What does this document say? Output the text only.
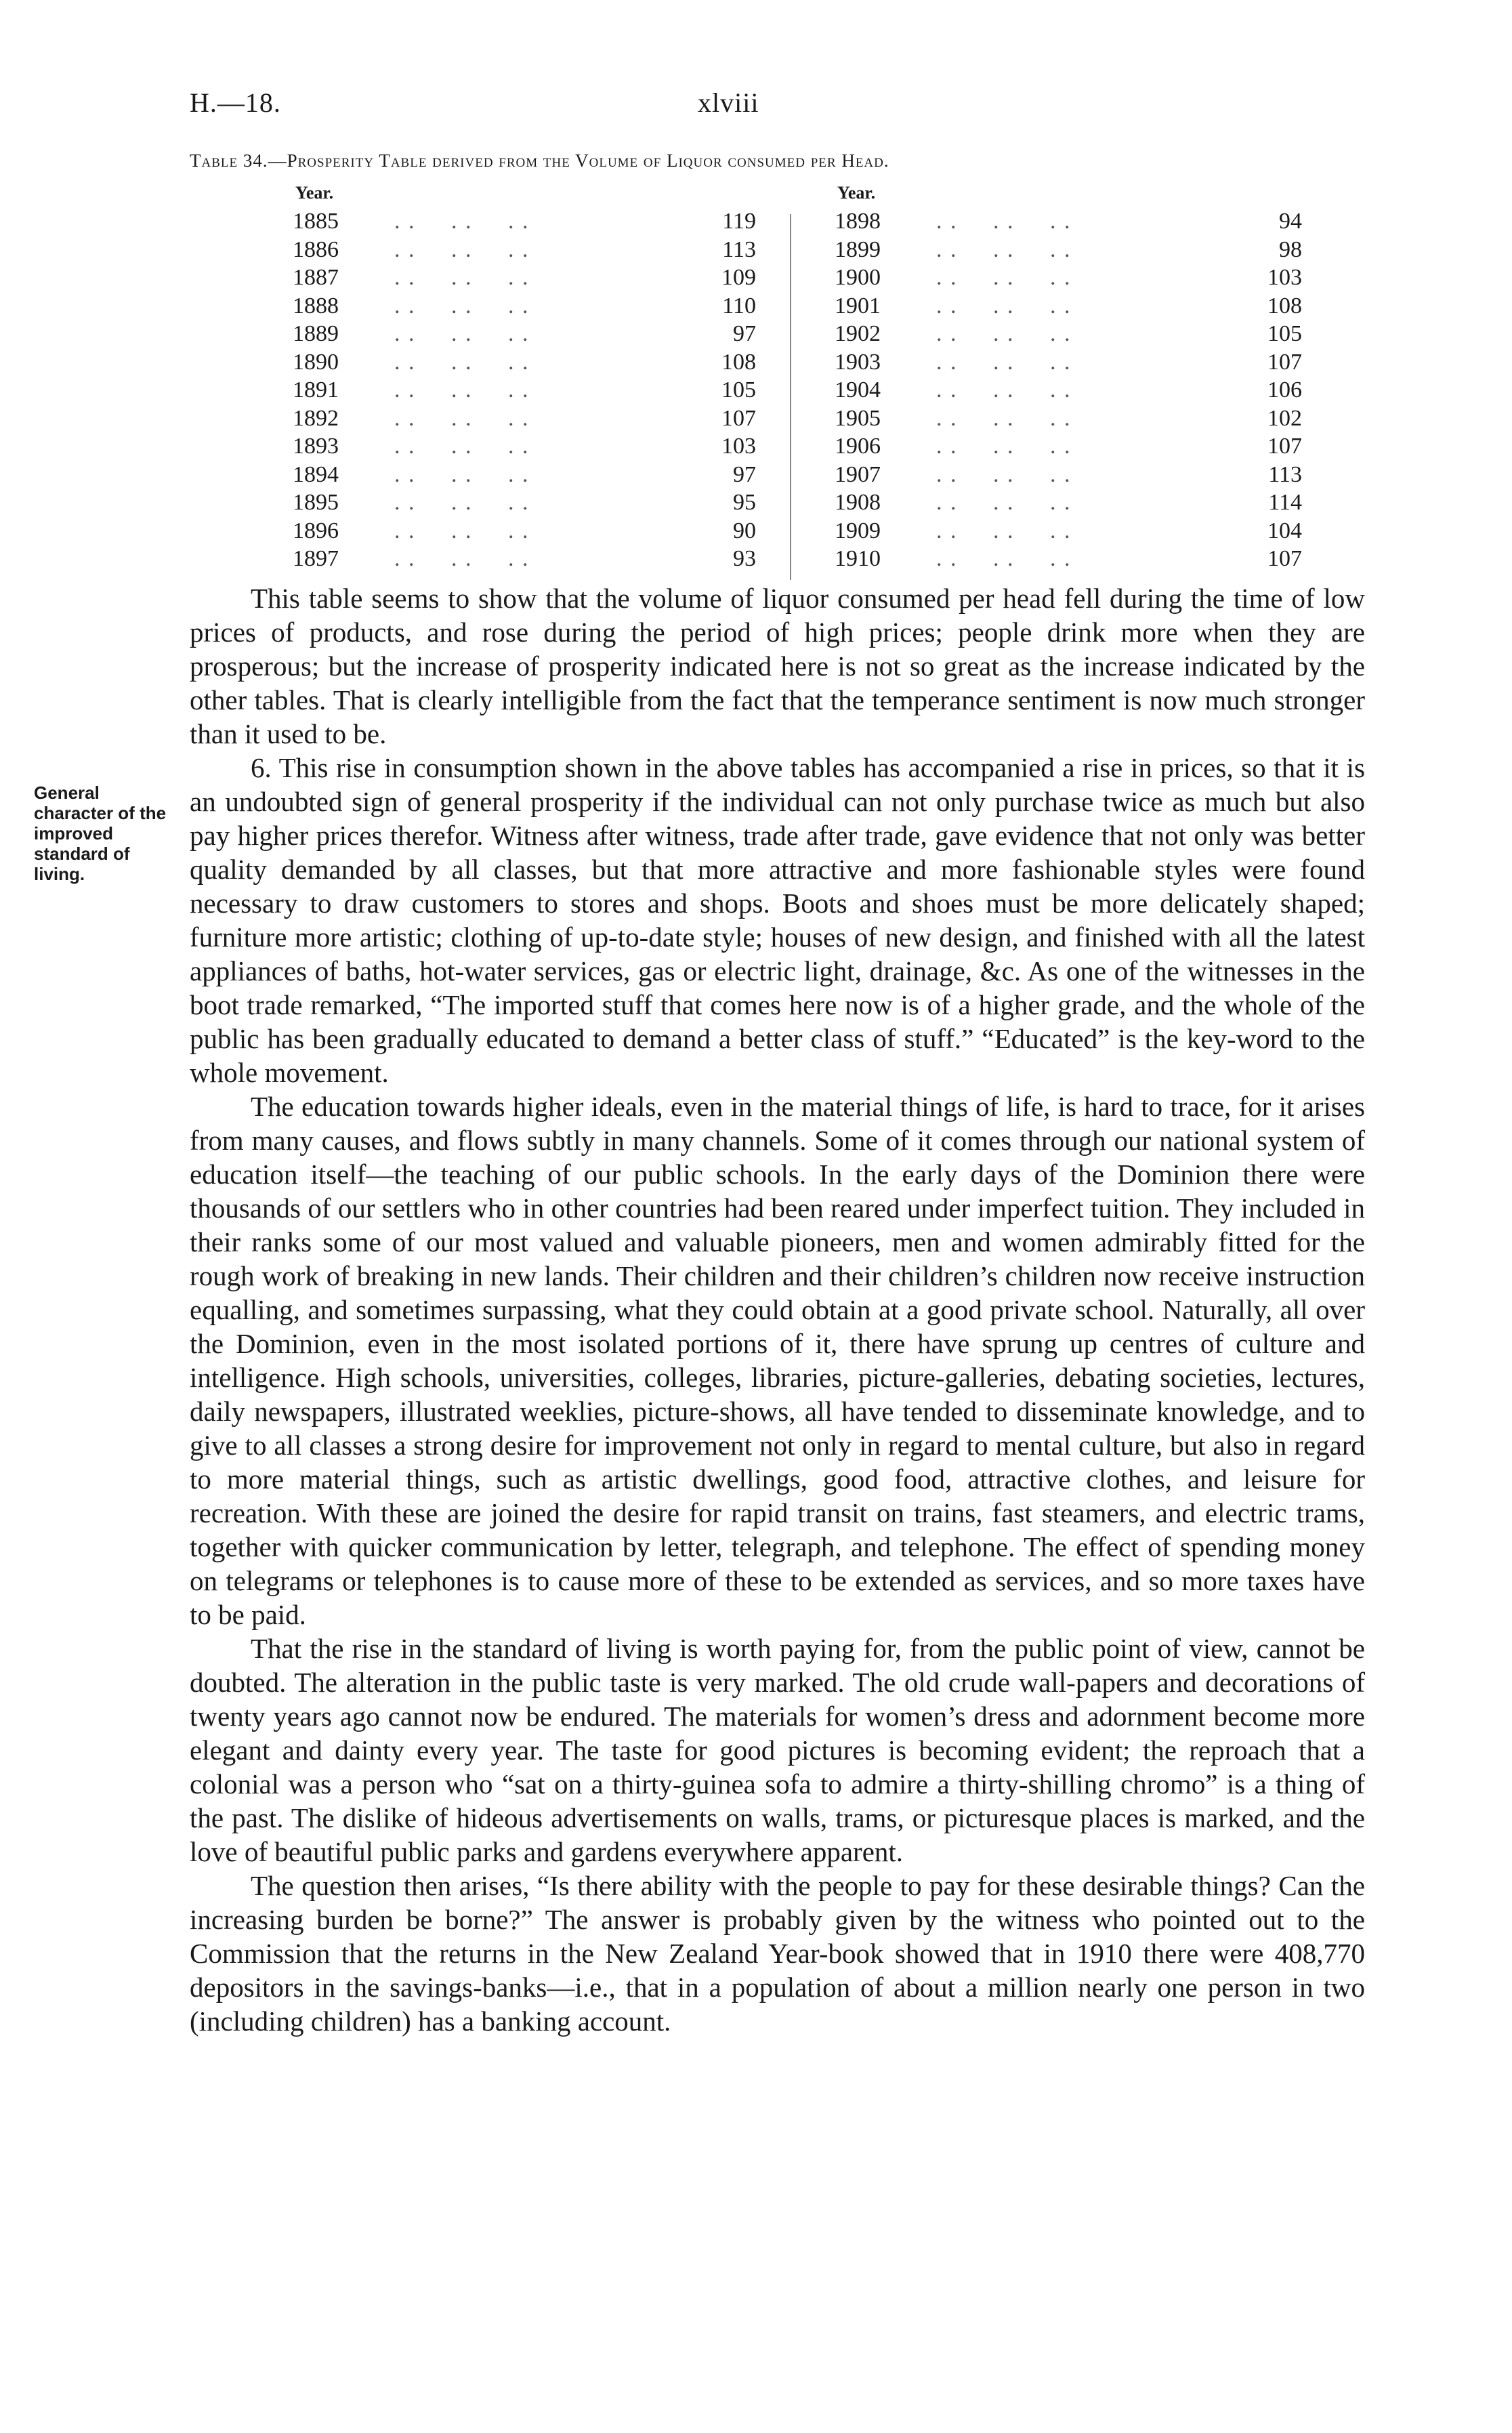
H.—18.	xlviii
Table 34.—Prosperity Table derived from the Volume of Liquor consumed per Head.
Year.
1885 . .     . .     . .	119
1886 . .     . .     . .	113
1887 . .     . .     . .	109
1888 . .     . .     . .	110
1889 . .     . .     . .	97
1890 . .     . .     . .	108
1891 . .     . .     . .	105
1892 . .     . .     . .	107
1893 . .     . .     . .	103
1894 . .     . .     . .	97
1895 . .     . .     . .	95
1896 . .     . .     . .	90
1897 . .     . .     . .	93
Year.
1898 . .     . .     . .	94
1899 . .     . .     . .	98
1900 . .     . .     . .	103
1901 . .     . .     . .	108
1902 . .     . .     . .	105
1903 . .     . .     . .	107
1904 . .     . .     . .	106
1905 . .     . .     . .	102
1906 . .     . .     . .	107
1907 . .     . .     . .	113
1908 . .     . .     . .	114
1909 . .     . .     . .	104
1910 . .     . .     . .	107
General character of the improved standard of living.

This table seems to show that the volume of liquor consumed per head fell during the time of low prices of products, and rose during the period of high prices; people drink more when they are prosperous; but the increase of prosperity indicated here is not so great as the increase indicated by the other tables. That is clearly intelligible from the fact that the temperance sentiment is now much stronger than it used to be.

6. This rise in consumption shown in the above tables has accompanied a rise in prices, so that it is an undoubted sign of general prosperity if the individual can not only purchase twice as much but also pay higher prices therefor. Witness after witness, trade after trade, gave evidence that not only was better quality demanded by all classes, but that more attractive and more fashionable styles were found necessary to draw customers to stores and shops. Boots and shoes must be more delicately shaped; furniture more artistic; clothing of up-to-date style; houses of new design, and finished with all the latest appliances of baths, hot-water services, gas or electric light, drainage, &c. As one of the witnesses in the boot trade remarked, “The imported stuff that comes here now is of a higher grade, and the whole of the public has been gradually educated to demand a better class of stuff.” “Educated” is the key-word to the whole movement.

The education towards higher ideals, even in the material things of life, is hard to trace, for it arises from many causes, and flows subtly in many channels. Some of it comes through our national system of education itself—the teaching of our public schools. In the early days of the Dominion there were thousands of our settlers who in other countries had been reared under imperfect tuition. They included in their ranks some of our most valued and valuable pioneers, men and women admirably fitted for the rough work of breaking in new lands. Their children and their children’s children now receive instruction equalling, and sometimes surpassing, what they could obtain at a good private school. Naturally, all over the Dominion, even in the most isolated portions of it, there have sprung up centres of culture and intelligence. High schools, universities, colleges, libraries, picture-galleries, debating societies, lectures, daily newspapers, illustrated weeklies, picture-shows, all have tended to disseminate knowledge, and to give to all classes a strong desire for improvement not only in regard to mental culture, but also in regard to more material things, such as artistic dwellings, good food, attractive clothes, and leisure for recreation. With these are joined the desire for rapid transit on trains, fast steamers, and electric trams, together with quicker communication by letter, telegraph, and telephone. The effect of spending money on telegrams or telephones is to cause more of these to be extended as services, and so more taxes have to be paid.

That the rise in the standard of living is worth paying for, from the public point of view, cannot be doubted. The alteration in the public taste is very marked. The old crude wall-papers and decorations of twenty years ago cannot now be endured. The materials for women’s dress and adornment become more elegant and dainty every year. The taste for good pictures is becoming evident; the reproach that a colonial was a person who “sat on a thirty-guinea sofa to admire a thirty-shilling chromo” is a thing of the past. The dislike of hideous advertisements on walls, trams, or picturesque places is marked, and the love of beautiful public parks and gardens everywhere apparent.

The question then arises, “Is there ability with the people to pay for these desirable things? Can the increasing burden be borne?” The answer is probably given by the witness who pointed out to the Commission that the returns in the New Zealand Year-book showed that in 1910 there were 408,770 depositors in the savings-banks—i.e., that in a population of about a million nearly one person in two (including children) has a banking account.
